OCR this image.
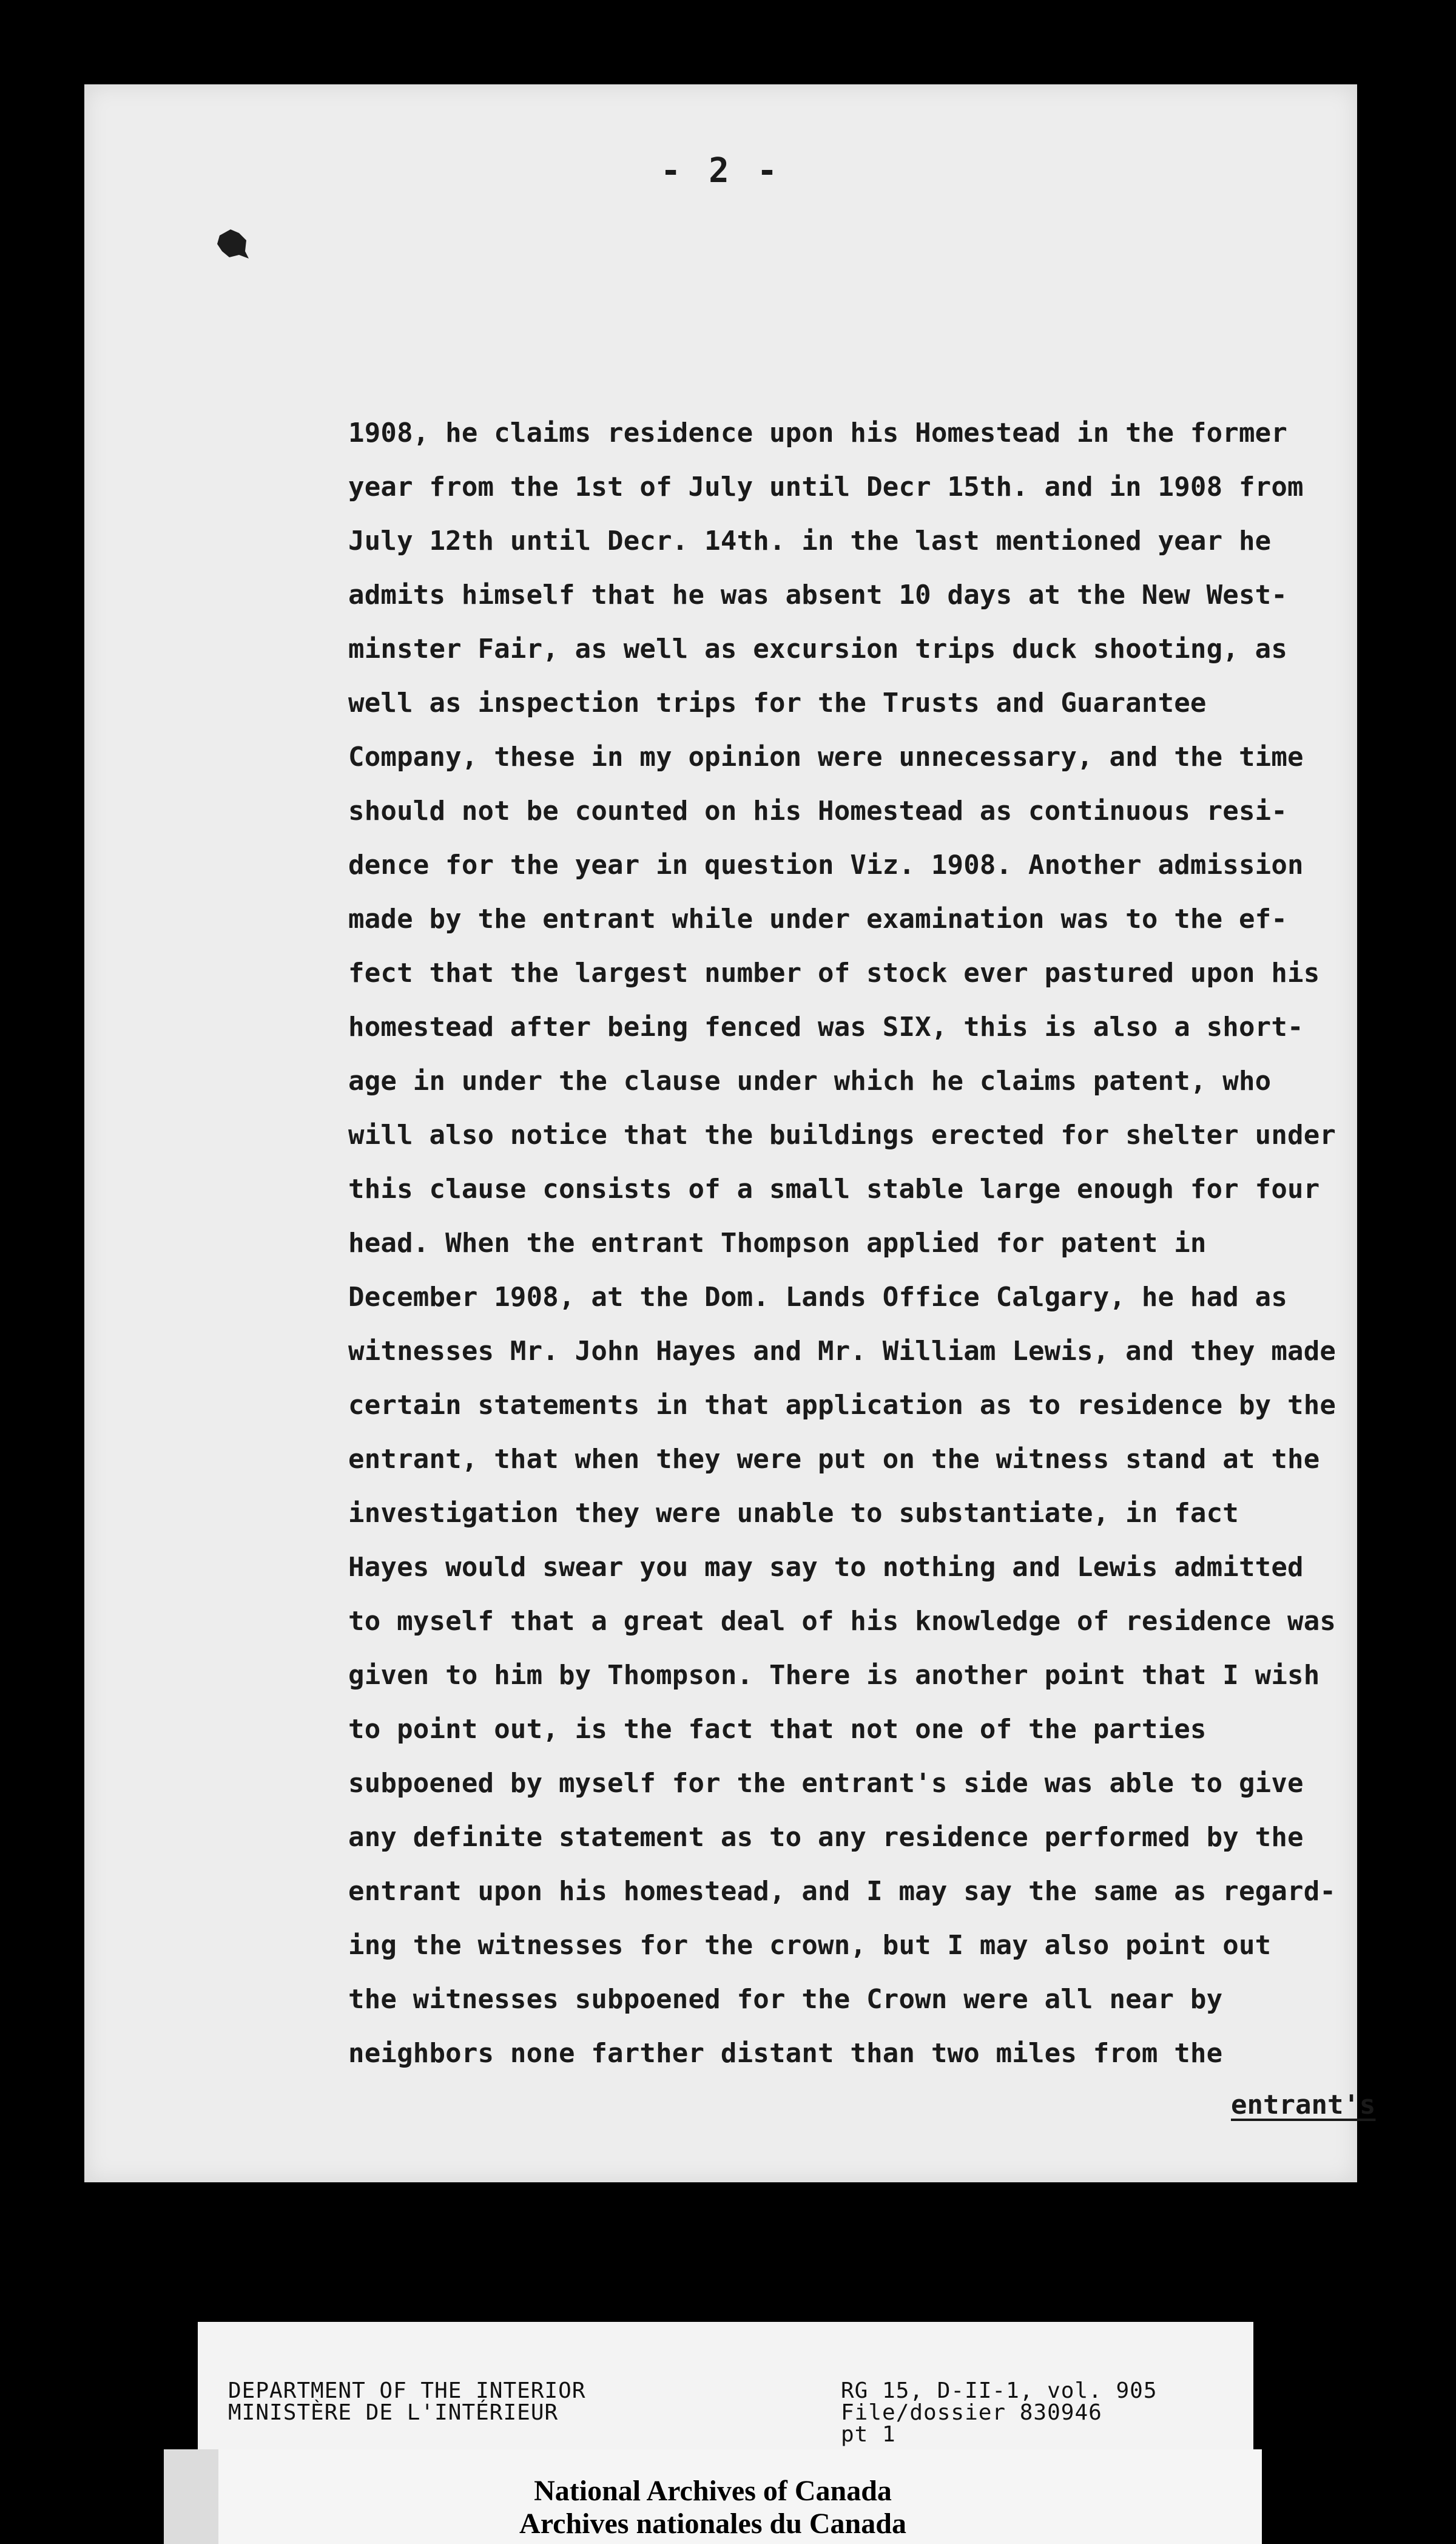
- 2 -
1908, he claims residence upon his Homestead in the former
year from the 1st of July until Decr 15th. and in 1908 from
July 12th until Decr. 14th. in the last mentioned year he
admits himself that he was absent 10 days at the New West-
minster Fair, as well as excursion trips duck shooting, as
well as inspection trips for the Trusts and Guarantee
Company, these in my opinion were unnecessary, and the time
should not be counted on his Homestead as continuous resi-
dence for the year in question Viz. 1908. Another admission
made by the entrant while under examination was to the ef-
fect that the largest number of stock ever pastured upon his
homestead after being fenced was SIX, this is also a short-
age in under the clause under which he claims patent, who
will also notice that the buildings erected for shelter under
this clause consists of a small stable large enough for four
head. When the entrant Thompson applied for patent in
December 1908, at the Dom. Lands Office Calgary, he had as
witnesses Mr. John Hayes and Mr. William Lewis, and they made
certain statements in that application as to residence by the
entrant, that when they were put on the witness stand at the
investigation they were unable to substantiate, in fact
Hayes would swear you may say to nothing and Lewis admitted
to myself that a great deal of his knowledge of residence was
given to him by Thompson. There is another point that I wish
to point out, is the fact that not one of the parties
subpoened by myself for the entrant's side was able to give
any definite statement as to any residence performed by the
entrant upon his homestead, and I may say the same as regard-
ing the witnesses for the crown, but I may also point out
the witnesses subpoened for the Crown were all near by
neighbors none farther distant than two miles from the
entrant's
DEPARTMENT OF THE INTERIOR
MINISTÈRE DE L'INTÉRIEUR
RG 15, D-II-1, vol. 905
File/dossier 830946
pt 1
National Archives of Canada
Archives nationales du Canada
